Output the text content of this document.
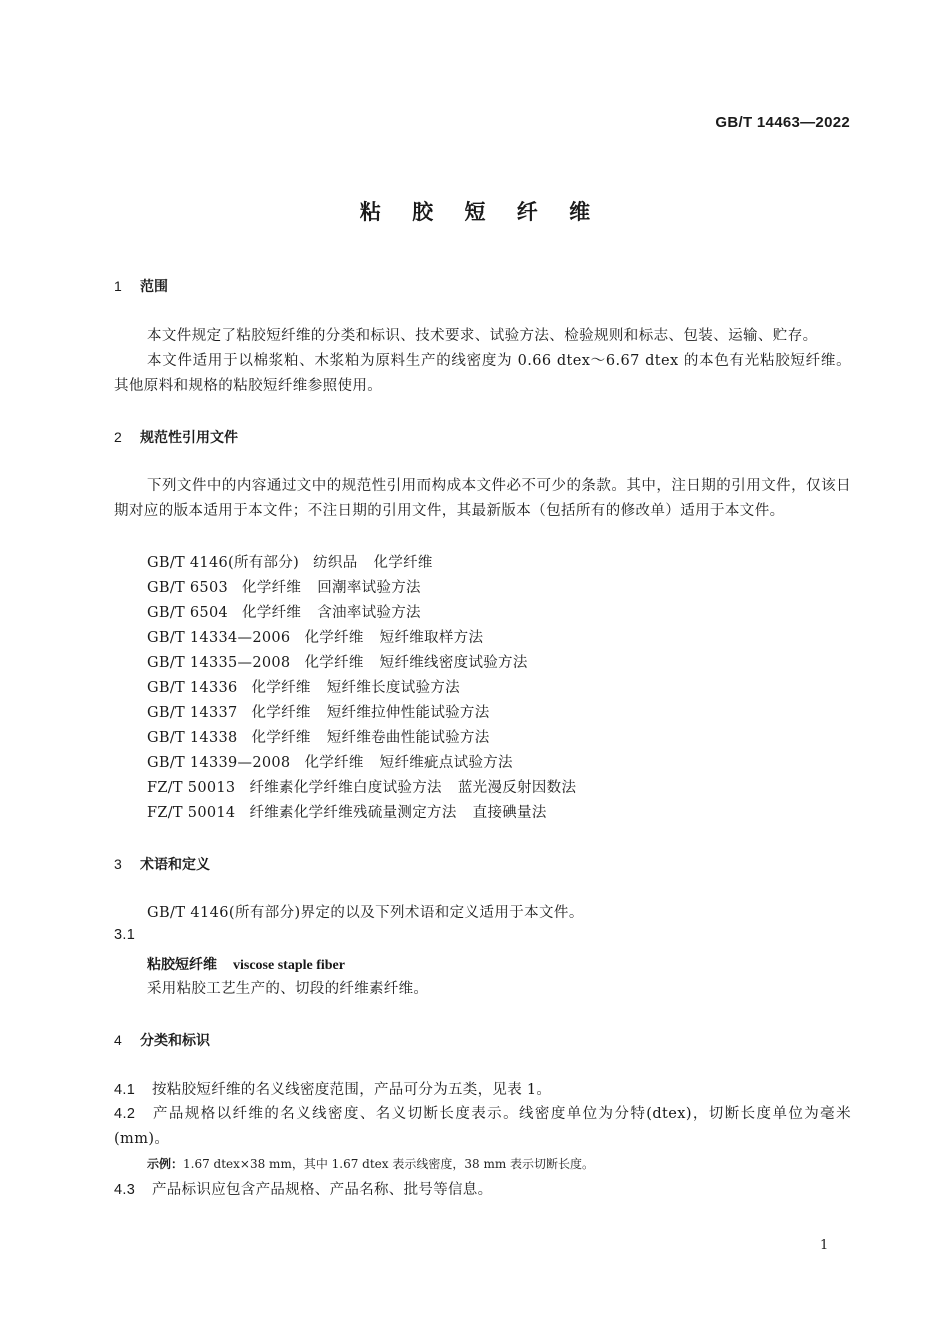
GB/T 14463—2022
粘 胶 短 纤 维
1 范围
本文件规定了粘胶短纤维的分类和标识、技术要求、试验方法、检验规则和标志、包装、运输、贮存。
本文件适用于以棉浆粕、木浆粕为原料生产的线密度为 0.66 dtex～6.67 dtex 的本色有光粘胶短纤维。其他原料和规格的粘胶短纤维参照使用。
2 规范性引用文件
下列文件中的内容通过文中的规范性引用而构成本文件必不可少的条款。其中，注日期的引用文件，仅该日期对应的版本适用于本文件；不注日期的引用文件，其最新版本（包括所有的修改单）适用于本文件。
GB/T 4146(所有部分) 纺织品 化学纤维
GB/T 6503 化学纤维 回潮率试验方法
GB/T 6504 化学纤维 含油率试验方法
GB/T 14334—2006 化学纤维 短纤维取样方法
GB/T 14335—2008 化学纤维 短纤维线密度试验方法
GB/T 14336 化学纤维 短纤维长度试验方法
GB/T 14337 化学纤维 短纤维拉伸性能试验方法
GB/T 14338 化学纤维 短纤维卷曲性能试验方法
GB/T 14339—2008 化学纤维 短纤维疵点试验方法
FZ/T 50013 纤维素化学纤维白度试验方法 蓝光漫反射因数法
FZ/T 50014 纤维素化学纤维残硫量测定方法 直接碘量法
3 术语和定义
GB/T 4146(所有部分)界定的以及下列术语和定义适用于本文件。
3.1
粘胶短纤维 viscose staple fiber
采用粘胶工艺生产的、切段的纤维素纤维。
4 分类和标识
4.1 按粘胶短纤维的名义线密度范围，产品可分为五类，见表 1。
4.2 产品规格以纤维的名义线密度、名义切断长度表示。线密度单位为分特(dtex)，切断长度单位为毫米(mm)。
示例：1.67 dtex×38 mm，其中 1.67 dtex 表示线密度，38 mm 表示切断长度。
4.3 产品标识应包含产品规格、产品名称、批号等信息。
1
